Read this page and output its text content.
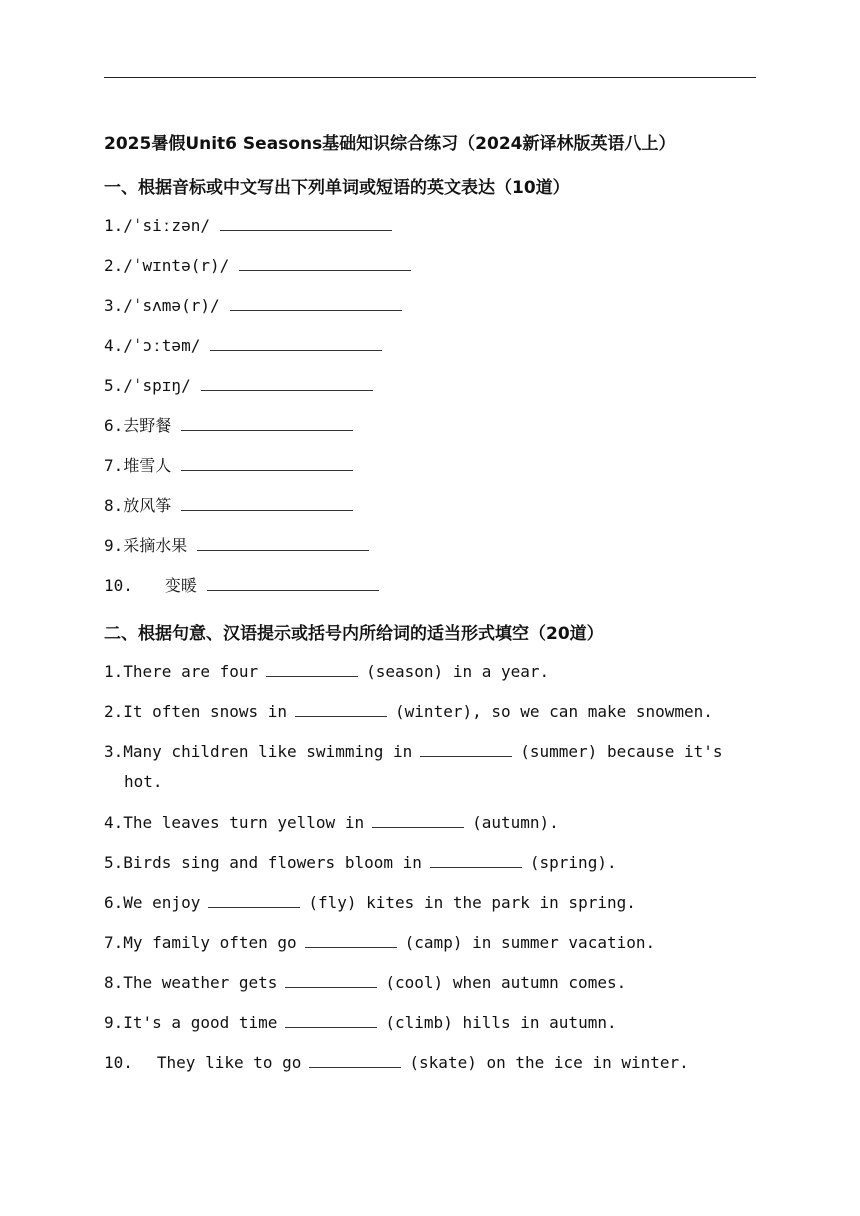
2025暑假Unit6 Seasons基础知识综合练习（2024新译林版英语八上）
一、根据音标或中文写出下列单词或短语的英文表达（10道）
1./ˈsiːzən/
2./ˈwɪntə(r)/
3./ˈsʌmə(r)/
4./ˈɔːtəm/
5./ˈspɪŋ/
6.去野餐
7.堆雪人
8.放风筝
9.采摘水果
10. 变暖
二、根据句意、汉语提示或括号内所给词的适当形式填空（20道）
1.There are four	(season) in a year.
2.It often snows in	(winter), so we can make snowmen.
3.Many children like swimming in	(summer) because it's hot.
4.The leaves turn yellow in	(autumn).
5.Birds sing and flowers bloom in	(spring).
6.We enjoy	(fly) kites in the park in spring.
7.My family often go	(camp) in summer vacation.
8.The weather gets	(cool) when autumn comes.
9.It's a good time	(climb) hills in autumn.
10. They like to go	(skate) on the ice in winter.
